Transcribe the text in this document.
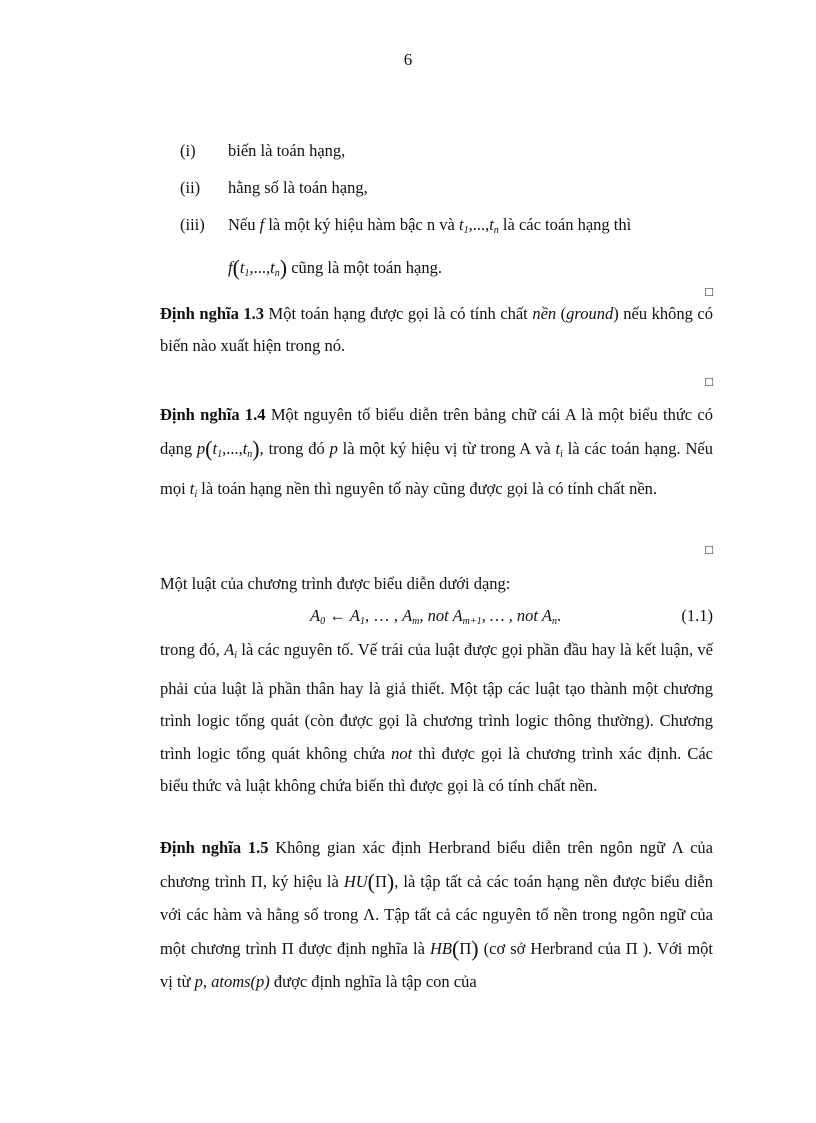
6
(i)	biến là toán hạng,
(ii)	hằng số là toán hạng,
(iii)	Nếu f là một ký hiệu hàm bậc n và $t_1,...,t_n$ là các toán hạng thì
$f(t_1,...,t_n)$ cũng là một toán hạng.
□
Định nghĩa 1.3 Một toán hạng được gọi là có tính chất nền (ground) nếu không có biến nào xuất hiện trong nó.
□
Định nghĩa 1.4 Một nguyên tố biểu diễn trên bảng chữ cái A là một biểu thức có dạng $p(t_1,...,t_n)$, trong đó p là một ký hiệu vị từ trong A và $t_i$ là các toán hạng. Nếu mọi $t_i$ là toán hạng nền thì nguyên tố này cũng được gọi là có tính chất nền.
□
Một luật của chương trình được biểu diễn dưới dạng:
$A_0$ ← $A_1$, … , $A_m$, not $A_{m+1}$, … , not $A_n$.	(1.1)
trong đó, $A_i$ là các nguyên tố. Vế trái của luật được gọi phần đầu hay là kết luận, vế phải của luật là phần thân hay là giả thiết. Một tập các luật tạo thành một chương trình logic tổng quát (còn được gọi là chương trình logic thông thường). Chương trình logic tổng quát không chứa not thì được gọi là chương trình xác định. Các biểu thức và luật không chứa biến thì được gọi là có tính chất nền.
Định nghĩa 1.5 Không gian xác định Herbrand biểu diễn trên ngôn ngữ Λ của chương trình Π, ký hiệu là HU(Π), là tập tất cả các toán hạng nền được biểu diễn với các hàm và hằng số trong Λ. Tập tất cả các nguyên tố nền trong ngôn ngữ của một chương trình Π được định nghĩa là HB(Π) (cơ sở Herbrand của Π ). Với một vị từ p, atoms(p) được định nghĩa là tập con của
